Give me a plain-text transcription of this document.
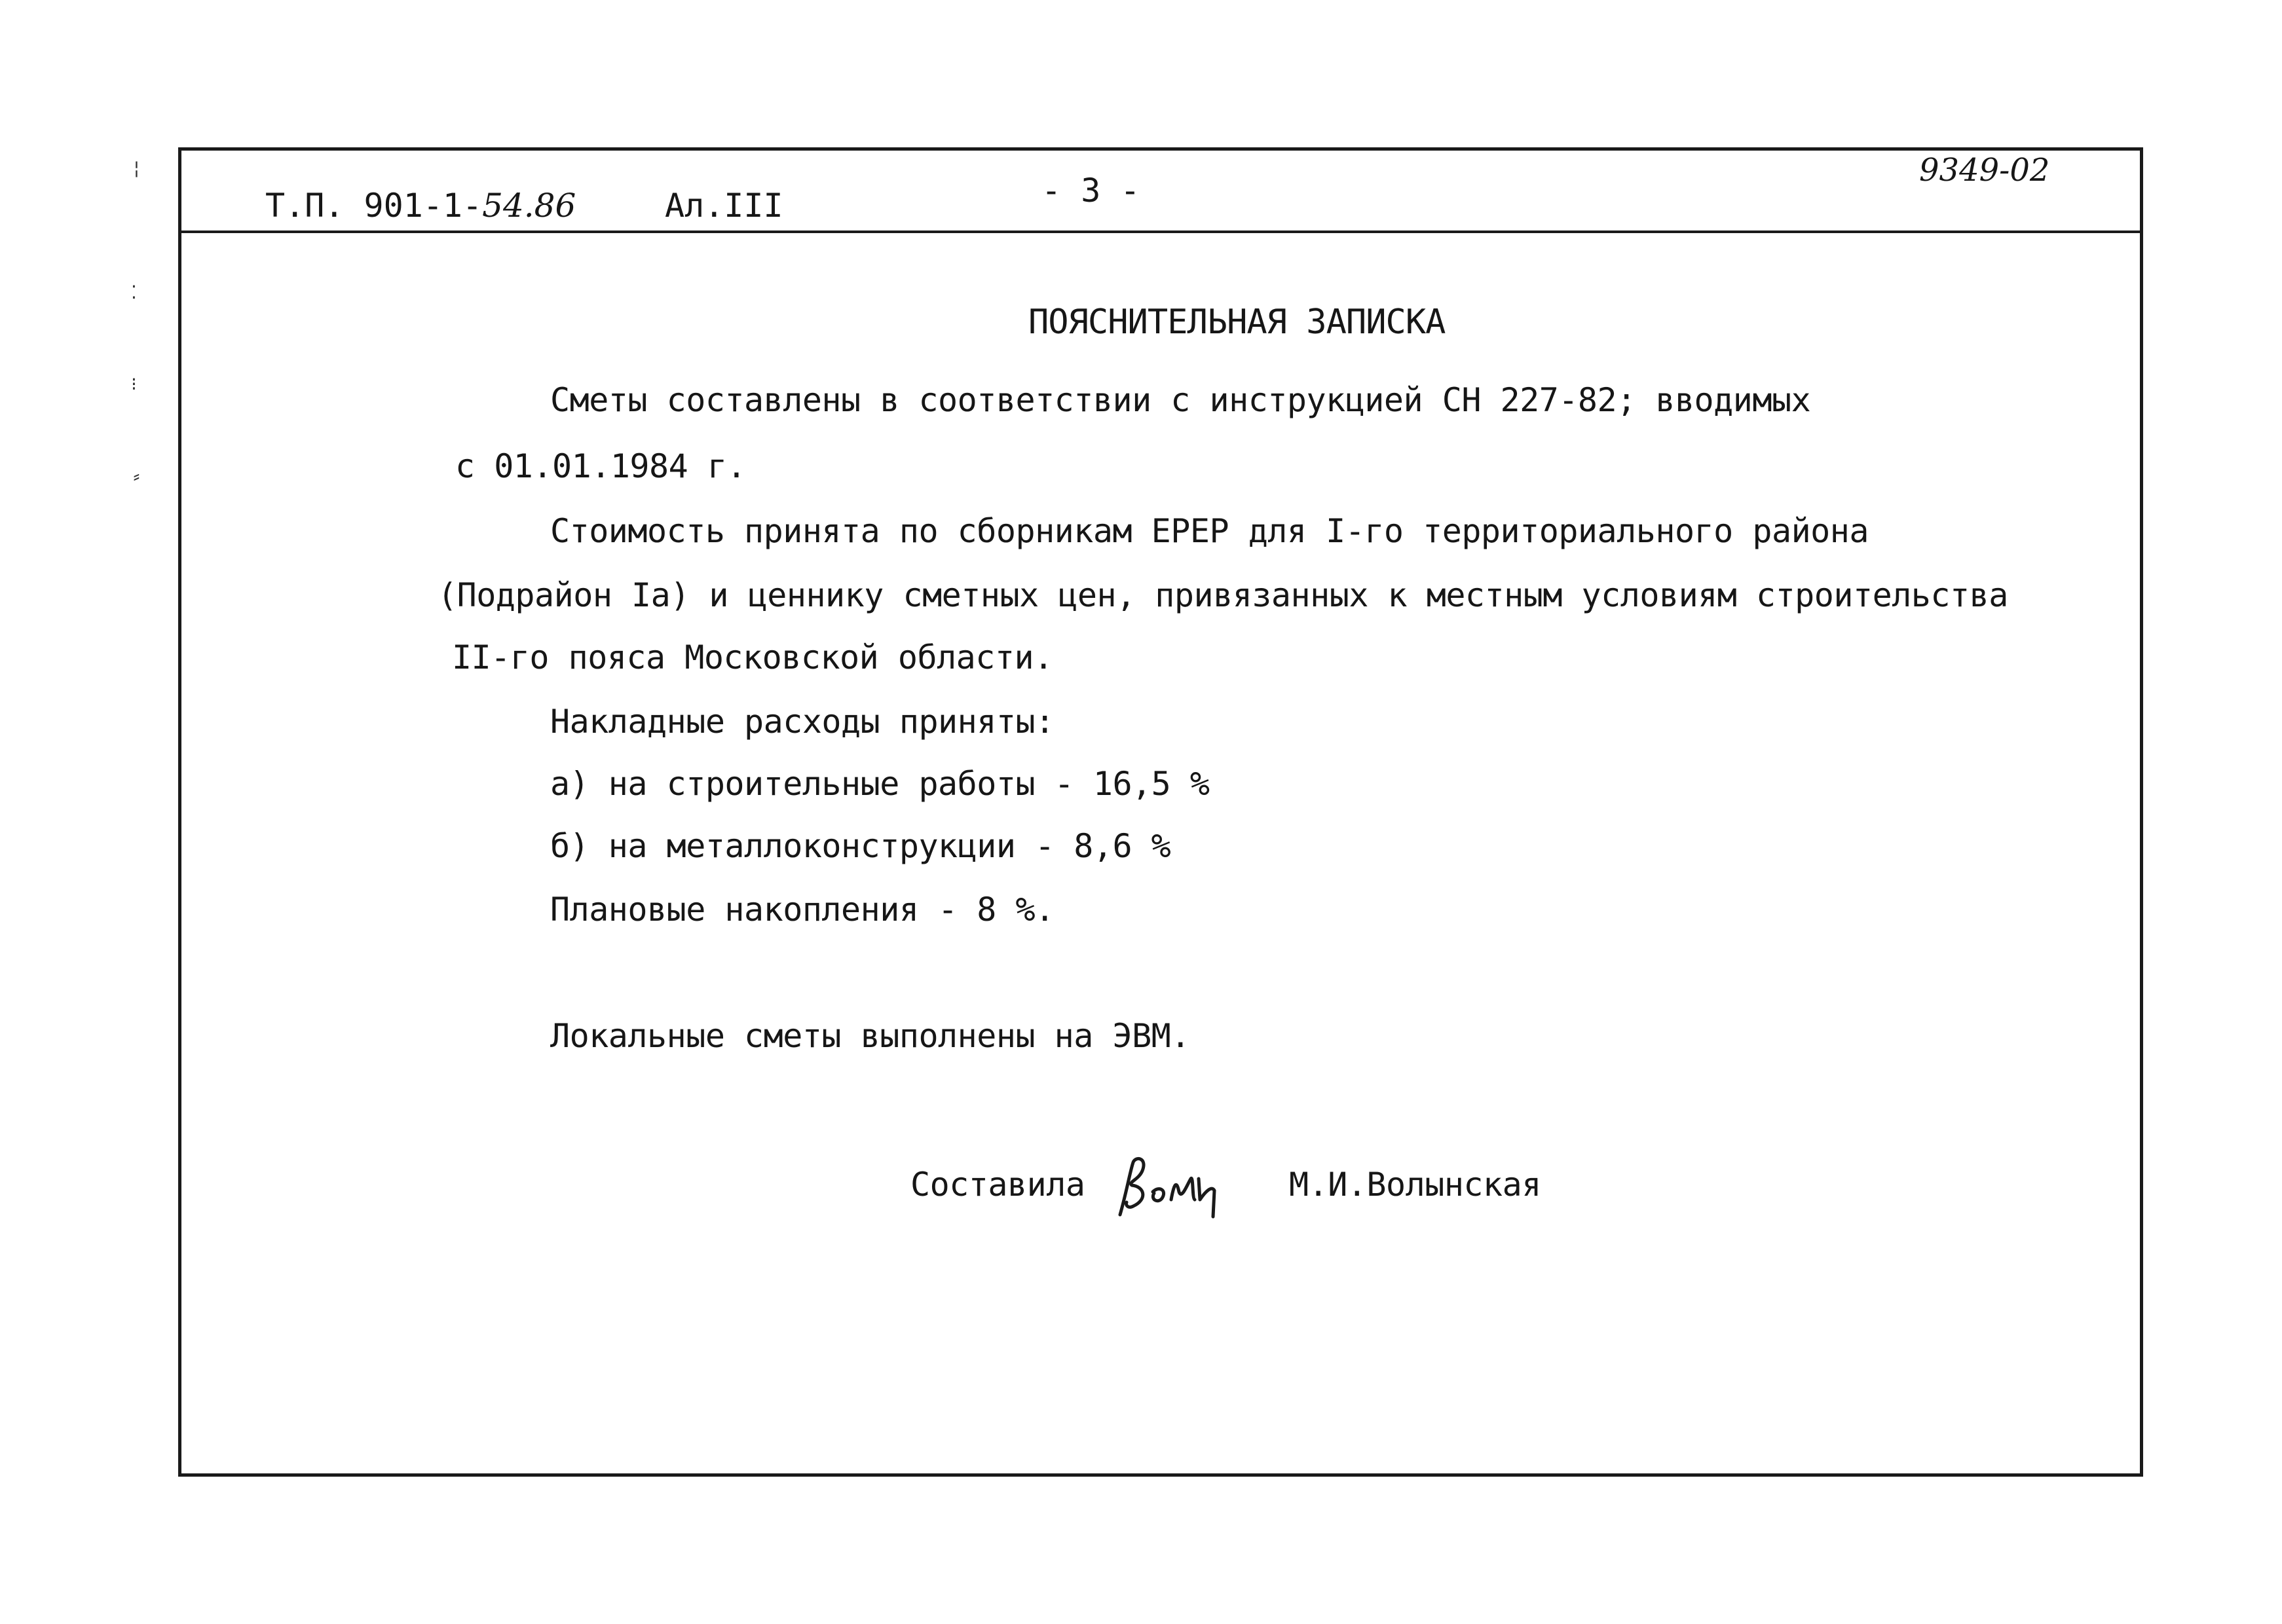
¦
⁚
⁝
⸗
Т.П. 901-1-54.86	Ал.III	- 3 -
9349-02
ПОЯСНИТЕЛЬНАЯ ЗАПИСКА
Сметы составлены в соответствии с инструкцией СН 227-82; вводимых
с 01.01.1984 г.
Стоимость принята по сборникам ЕРЕР для I-го территориального района
(Подрайон Iа) и ценнику сметных цен, привязанных к местным условиям строительства
II-го пояса Московской области.
Накладные расходы приняты:
а) на строительные работы - 16,5 %
б) на металлоконструкции - 8,6 %
Плановые накопления - 8 %.
Локальные сметы выполнены на ЭВМ.
Составила	М.И.Волынская
